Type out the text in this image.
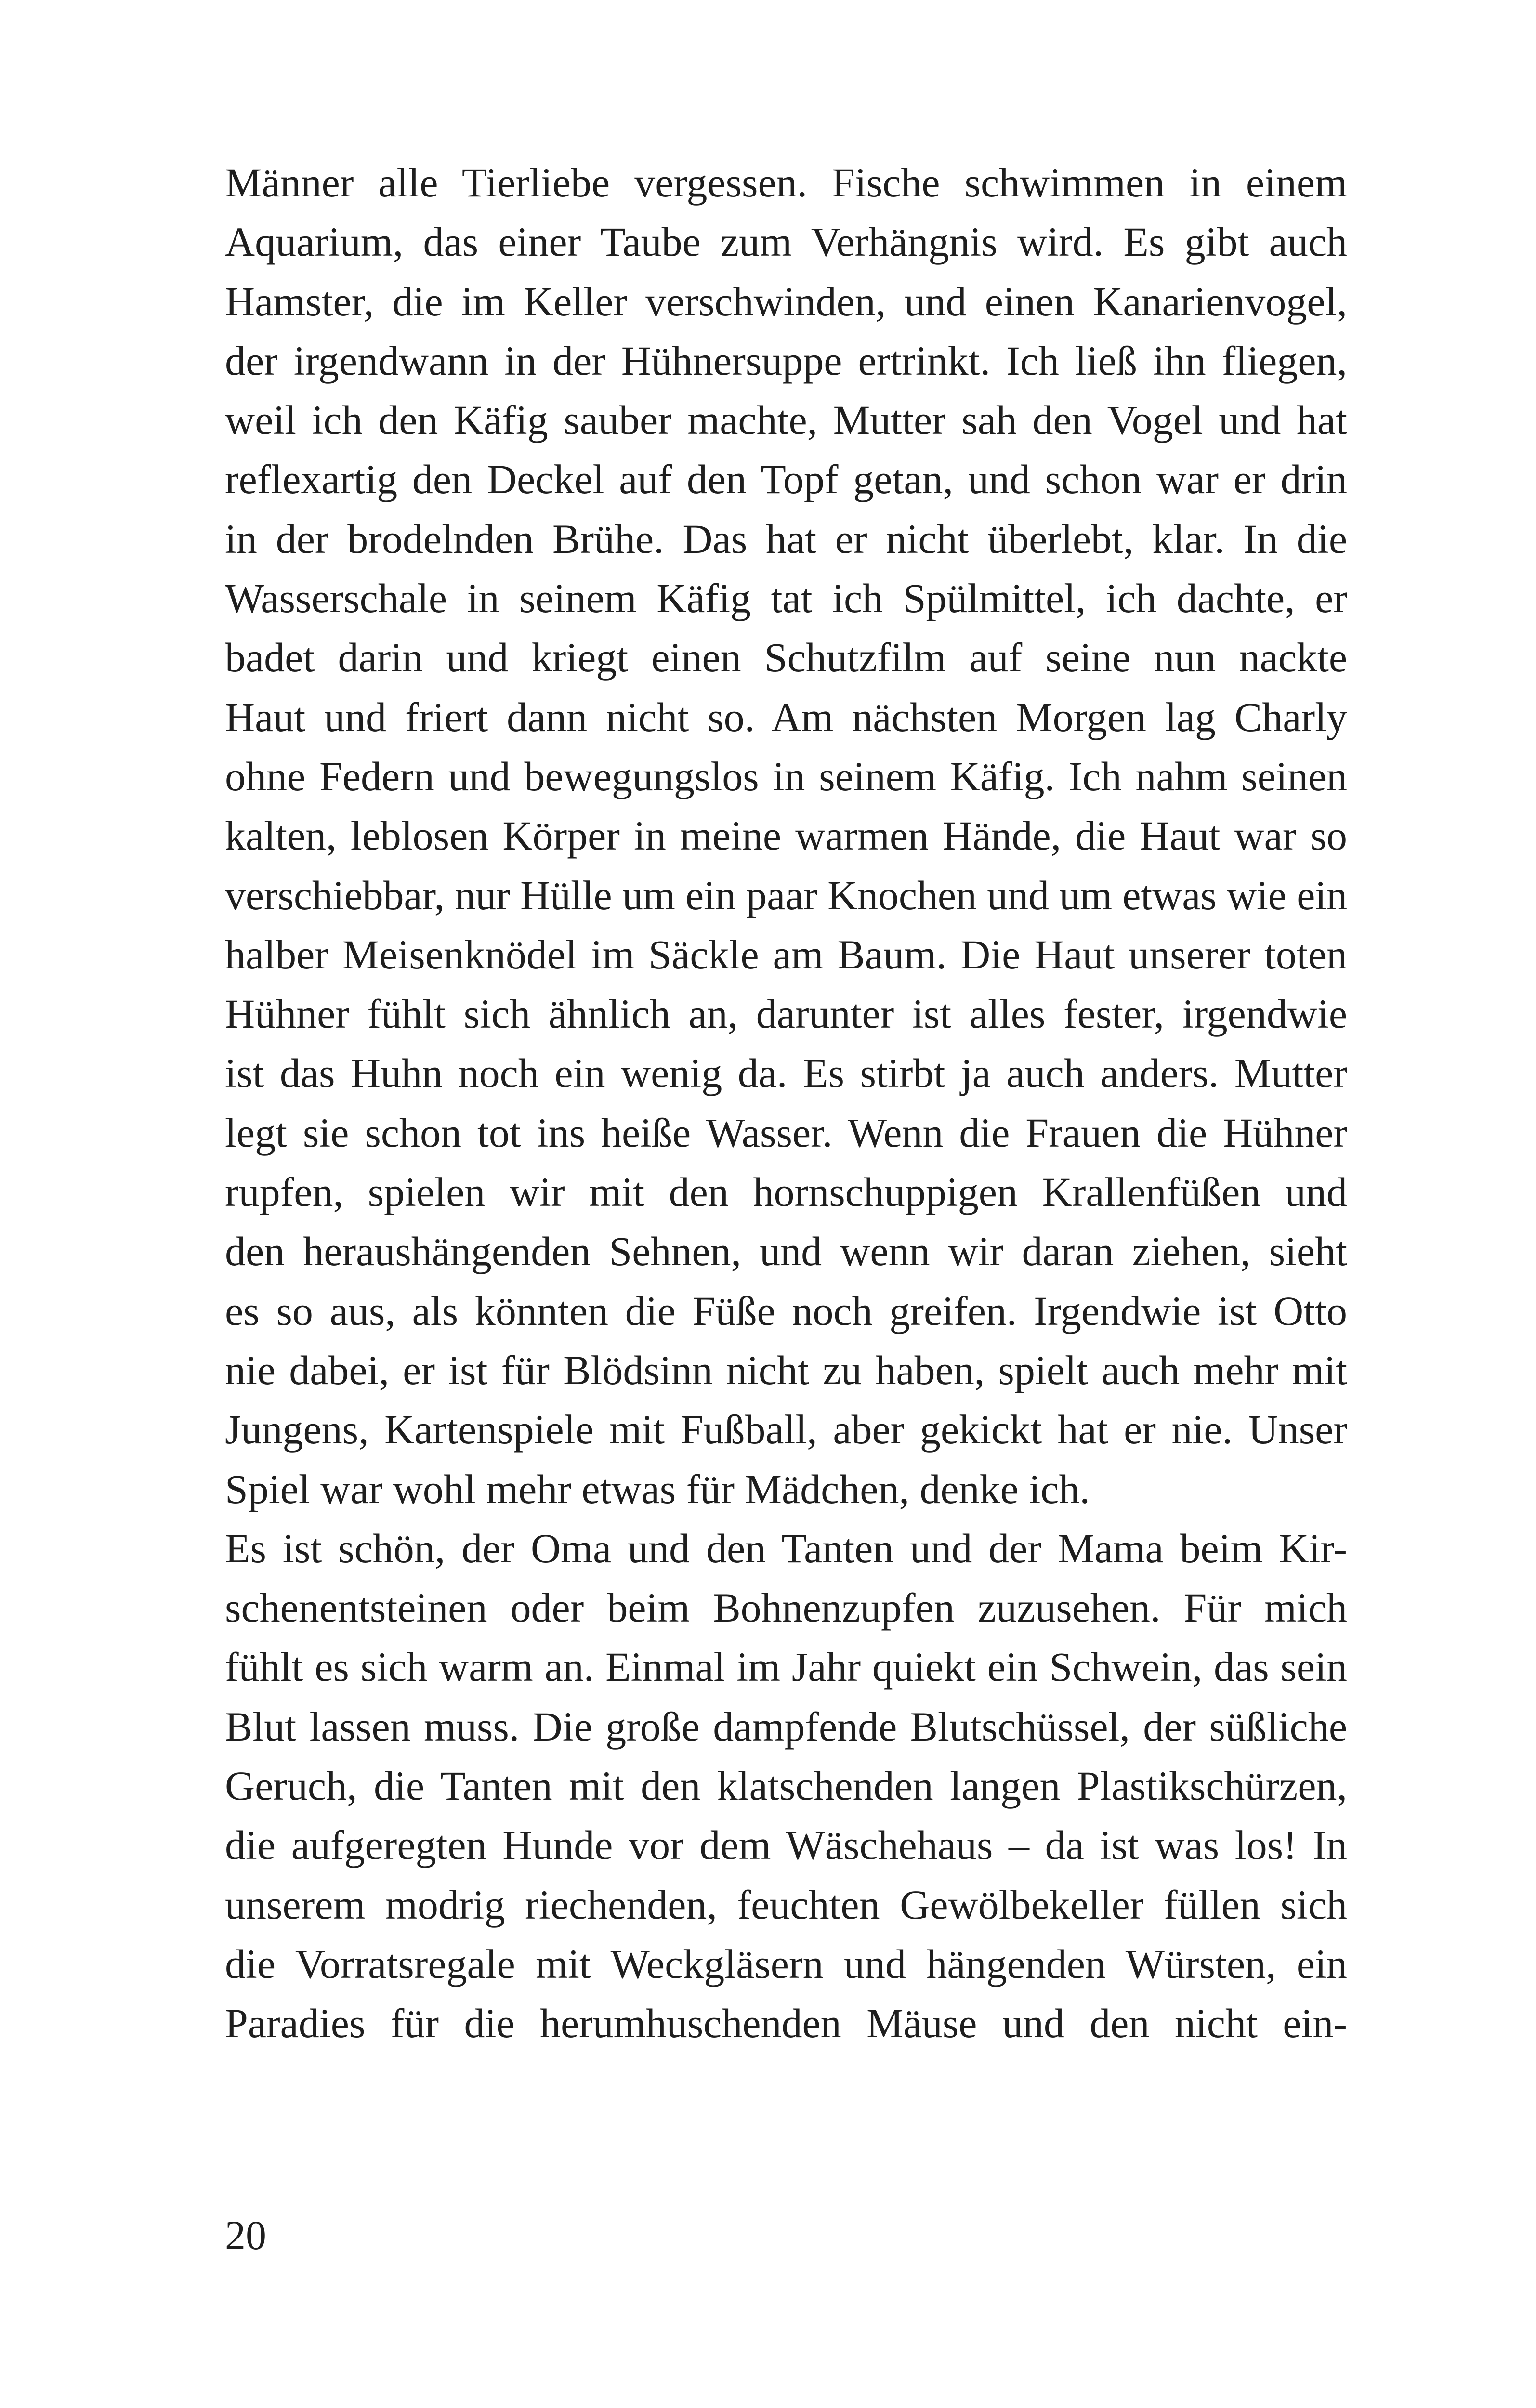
Männer alle Tierliebe vergessen. Fische schwimmen in einem
Aquarium, das einer Taube zum Verhängnis wird. Es gibt auch
Hamster, die im Keller verschwinden, und einen Kanarienvogel,
der irgendwann in der Hühnersuppe ertrinkt. Ich ließ ihn fliegen,
weil ich den Käfig sauber machte, Mutter sah den Vogel und hat
reflexartig den Deckel auf den Topf getan, und schon war er drin
in der brodelnden Brühe. Das hat er nicht überlebt, klar. In die
Wasserschale in seinem Käfig tat ich Spülmittel, ich dachte, er
badet darin und kriegt einen Schutzfilm auf seine nun nackte
Haut und friert dann nicht so. Am nächsten Morgen lag Charly
ohne Federn und bewegungslos in seinem Käfig. Ich nahm seinen
kalten, leblosen Körper in meine warmen Hände, die Haut war so
verschiebbar, nur Hülle um ein paar Knochen und um etwas wie ein
halber Meisenknödel im Säckle am Baum. Die Haut unserer toten
Hühner fühlt sich ähnlich an, darunter ist alles fester, irgendwie
ist das Huhn noch ein wenig da. Es stirbt ja auch anders. Mutter
legt sie schon tot ins heiße Wasser. Wenn die Frauen die Hühner
rupfen, spielen wir mit den hornschuppigen Krallenfüßen und
den heraushängenden Sehnen, und wenn wir daran ziehen, sieht
es so aus, als könnten die Füße noch greifen. Irgendwie ist Otto
nie dabei, er ist für Blödsinn nicht zu haben, spielt auch mehr mit
Jungens, Kartenspiele mit Fußball, aber gekickt hat er nie. Unser
Spiel war wohl mehr etwas für Mädchen, denke ich.
Es ist schön, der Oma und den Tanten und der Mama beim Kir-
schenentsteinen oder beim Bohnenzupfen zuzusehen. Für mich
fühlt es sich warm an. Einmal im Jahr quiekt ein Schwein, das sein
Blut lassen muss. Die große dampfende Blutschüssel, der süßliche
Geruch, die Tanten mit den klatschenden langen Plastikschürzen,
die aufgeregten Hunde vor dem Wäschehaus – da ist was los! In
unserem modrig riechenden, feuchten Gewölbekeller füllen sich
die Vorratsregale mit Weckgläsern und hängenden Würsten, ein
Paradies für die herumhuschenden Mäuse und den nicht ein-
20
